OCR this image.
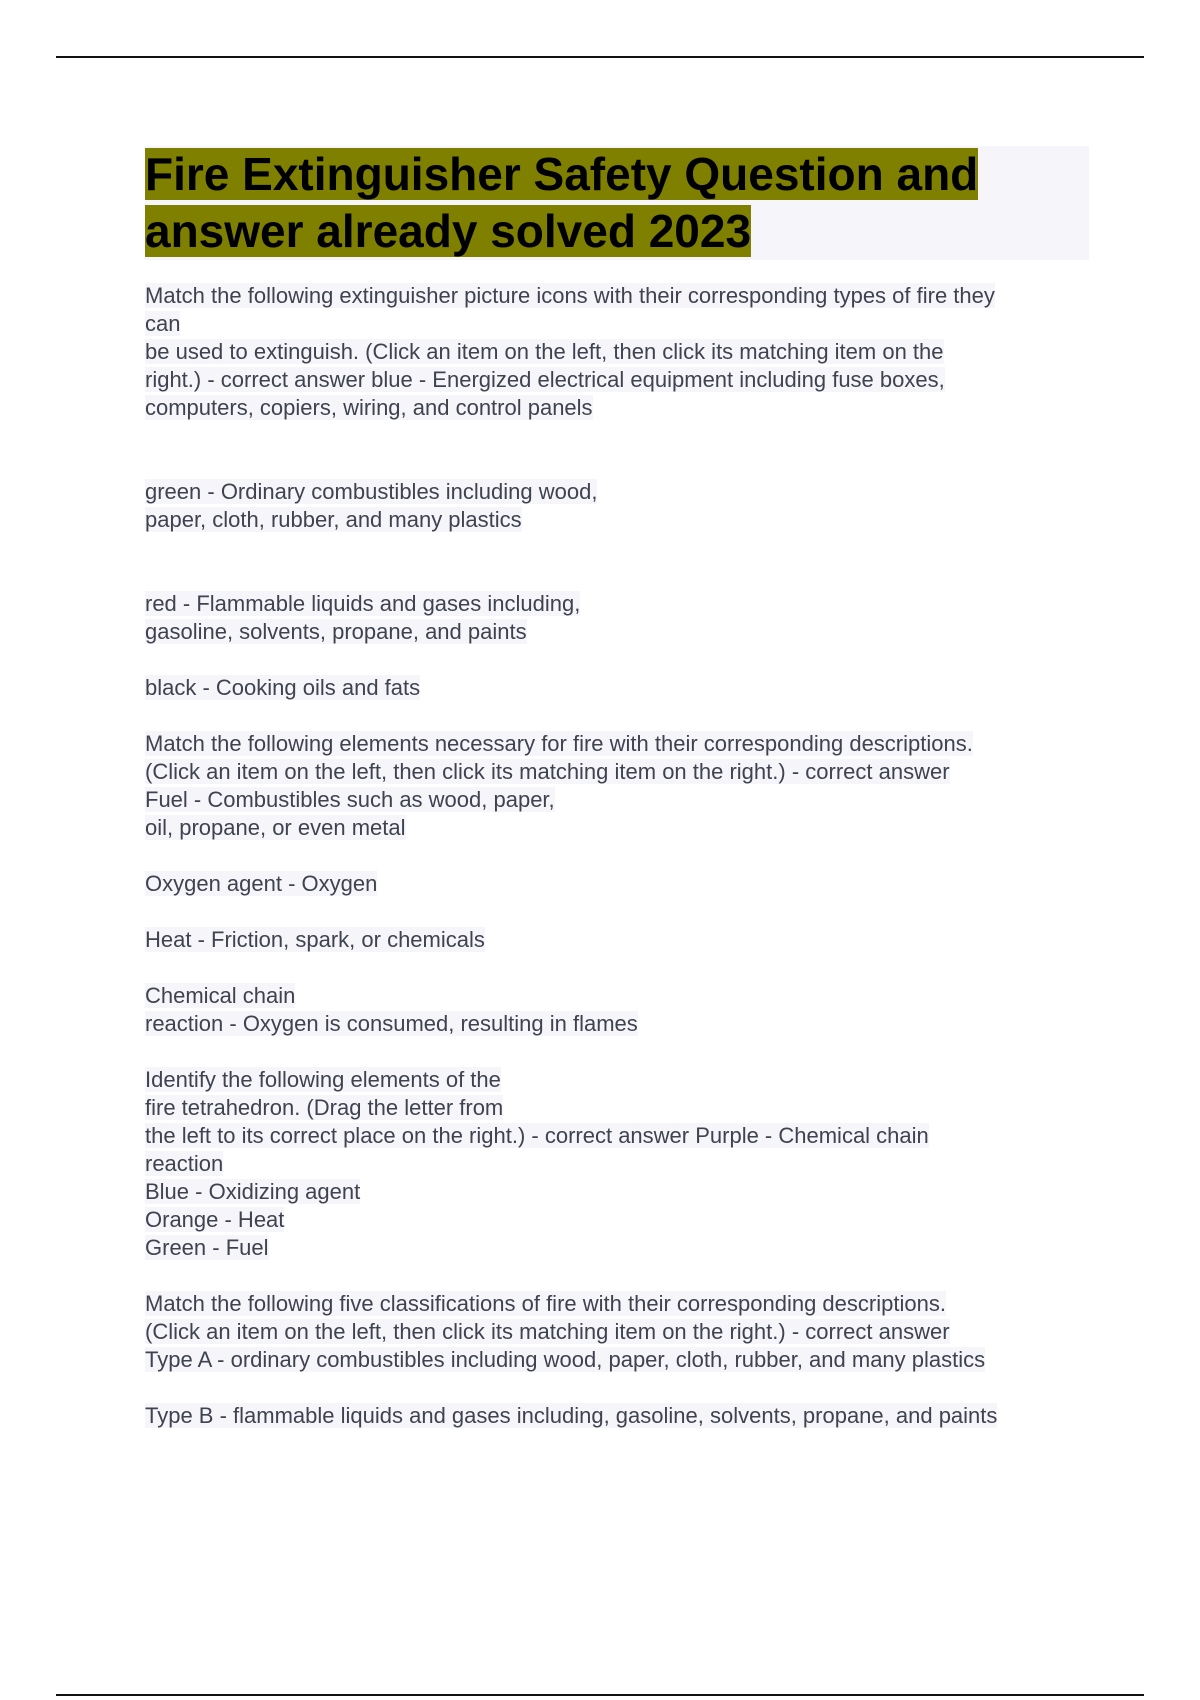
Fire Extinguisher Safety Question and
answer already solved 2023
Match the following extinguisher picture icons with their corresponding types of fire they
can
be used to extinguish. (Click an item on the left, then click its matching item on the
right.) - correct answer blue - Energized electrical equipment including fuse boxes,
computers, copiers, wiring, and control panels
green - Ordinary combustibles including wood,
paper, cloth, rubber, and many plastics
red - Flammable liquids and gases including,
gasoline, solvents, propane, and paints
black - Cooking oils and fats
Match the following elements necessary for fire with their corresponding descriptions.
(Click an item on the left, then click its matching item on the right.) - correct answer
Fuel - Combustibles such as wood, paper,
oil, propane, or even metal
Oxygen agent - Oxygen
Heat - Friction, spark, or chemicals
Chemical chain
reaction - Oxygen is consumed, resulting in flames
Identify the following elements of the
fire tetrahedron. (Drag the letter from
the left to its correct place on the right.) - correct answer Purple - Chemical chain
reaction
Blue - Oxidizing agent
Orange - Heat
Green - Fuel
Match the following five classifications of fire with their corresponding descriptions.
(Click an item on the left, then click its matching item on the right.) - correct answer
Type A - ordinary combustibles including wood, paper, cloth, rubber, and many plastics
Type B - flammable liquids and gases including, gasoline, solvents, propane, and paints
